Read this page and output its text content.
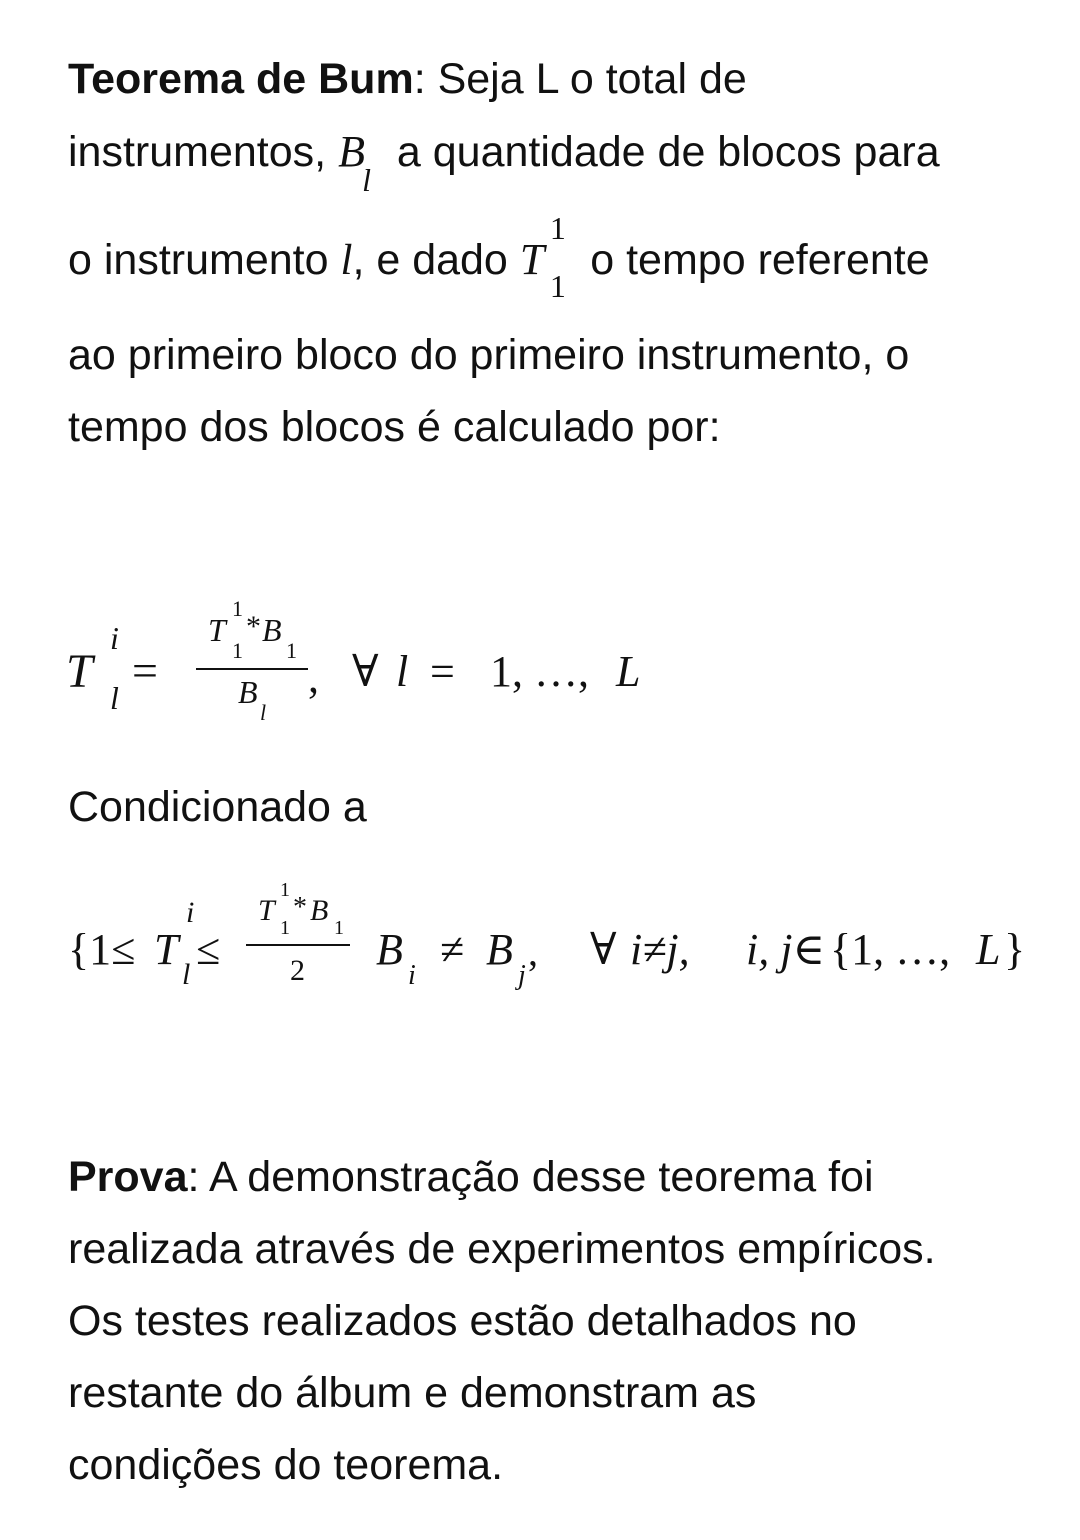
Teorema de Bum: Seja L o total de
instrumentos, B
l
a quantidade de blocos para
o instrumento l, e dado T
1
1
o tempo referente
ao primeiro bloco do primeiro instrumento, o
tempo dos blocos é calculado por:
T
i
l
=
T
1
1
* B
1
B
l
, ∀ l = 1, …, L
Condicionado a
{1≤ T
i
l
≤
T
1
1
* B
1
2 B
i
≠ B
j
, ∀ i≠j, i, j∈ {1, …, L }
Prova: A demonstração desse teorema foi
realizada através de experimentos empíricos.
Os testes realizados estão detalhados no
restante do álbum e demonstram as
condições do teorema.
